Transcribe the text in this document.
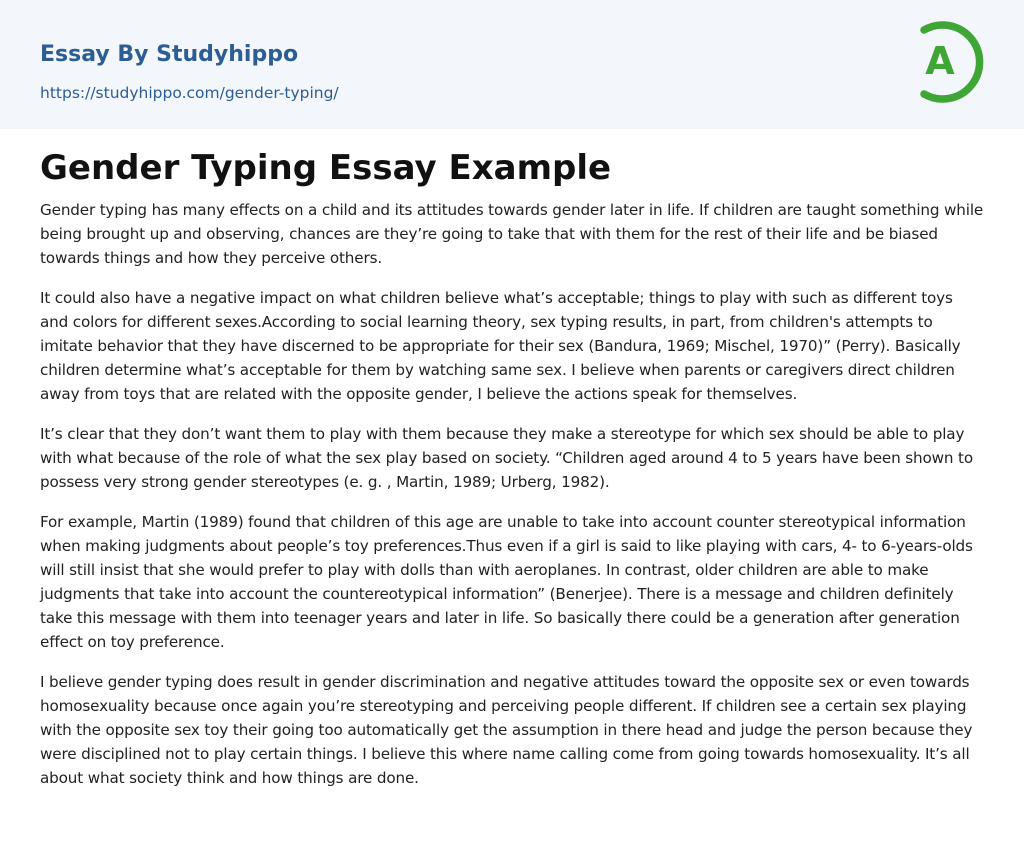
Essay By Studyhippo
https://studyhippo.com/gender-typing/
A
Gender Typing Essay Example

Gender typing has many effects on a child and its attitudes towards gender later in life. If children are taught something while being brought up and observing, chances are they’re going to take that with them for the rest of their life and be biased towards things and how they perceive others.

It could also have a negative impact on what children believe what’s acceptable; things to play with such as different toys and colors for different sexes.According to social learning theory, sex typing results, in part, from children's attempts to imitate behavior that they have discerned to be appropriate for their sex (Bandura, 1969; Mischel, 1970)” (Perry). Basically children determine what’s acceptable for them by watching same sex. I believe when parents or caregivers direct children away from toys that are related with the opposite gender, I believe the actions speak for themselves.

It’s clear that they don’t want them to play with them because they make a stereotype for which sex should be able to play with what because of the role of what the sex play based on society. “Children aged around 4 to 5 years have been shown to possess very strong gender stereotypes (e. g. , Martin, 1989; Urberg, 1982).

For example, Martin (1989) found that children of this age are unable to take into account counter stereotypical information when making judgments about people’s toy preferences.Thus even if a girl is said to like playing with cars, 4- to 6-years-olds will still insist that she would prefer to play with dolls than with aeroplanes. In contrast, older children are able to make judgments that take into account the countereotypical information” (Benerjee). There is a message and children definitely take this message with them into teenager years and later in life. So basically there could be a generation after generation effect on toy preference.

I believe gender typing does result in gender discrimination and negative attitudes toward the opposite sex or even towards homosexuality because once again you’re stereotyping and perceiving people different. If children see a certain sex playing with the opposite sex toy their going too automatically get the assumption in there head and judge the person because they were disciplined not to play certain things. I believe this where name calling come from going towards homosexuality. It’s all about what society think and how things are done.
